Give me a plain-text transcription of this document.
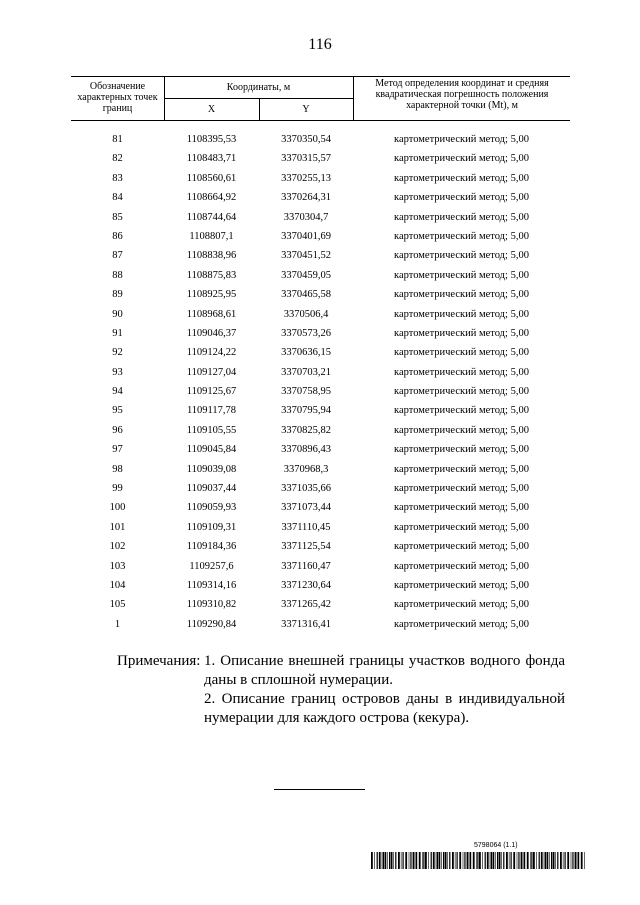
116
Обозначение характерных точек границ
Координаты, м
X	Y
Метод определения координат и средняя квадратическая погрешность положения характерной точки (Mt), м
81	1108395,53	3370350,54	картометрический метод; 5,00
82	1108483,71	3370315,57	картометрический метод; 5,00
83	1108560,61	3370255,13	картометрический метод; 5,00
84	1108664,92	3370264,31	картометрический метод; 5,00
85	1108744,64	3370304,7	картометрический метод; 5,00
86	1108807,1	3370401,69	картометрический метод; 5,00
87	1108838,96	3370451,52	картометрический метод; 5,00
88	1108875,83	3370459,05	картометрический метод; 5,00
89	1108925,95	3370465,58	картометрический метод; 5,00
90	1108968,61	3370506,4	картометрический метод; 5,00
91	1109046,37	3370573,26	картометрический метод; 5,00
92	1109124,22	3370636,15	картометрический метод; 5,00
93	1109127,04	3370703,21	картометрический метод; 5,00
94	1109125,67	3370758,95	картометрический метод; 5,00
95	1109117,78	3370795,94	картометрический метод; 5,00
96	1109105,55	3370825,82	картометрический метод; 5,00
97	1109045,84	3370896,43	картометрический метод; 5,00
98	1109039,08	3370968,3	картометрический метод; 5,00
99	1109037,44	3371035,66	картометрический метод; 5,00
100	1109059,93	3371073,44	картометрический метод; 5,00
101	1109109,31	3371110,45	картометрический метод; 5,00
102	1109184,36	3371125,54	картометрический метод; 5,00
103	1109257,6	3371160,47	картометрический метод; 5,00
104	1109314,16	3371230,64	картометрический метод; 5,00
105	1109310,82	3371265,42	картометрический метод; 5,00
1	1109290,84	3371316,41	картометрический метод; 5,00
Примечания: 1. Описание внешней границы участков водного фонда даны в сплошной нумерации.
2. Описание границ островов даны в индивидуальной нумерации для каждого острова (кекура).
5798064 (1.1)
